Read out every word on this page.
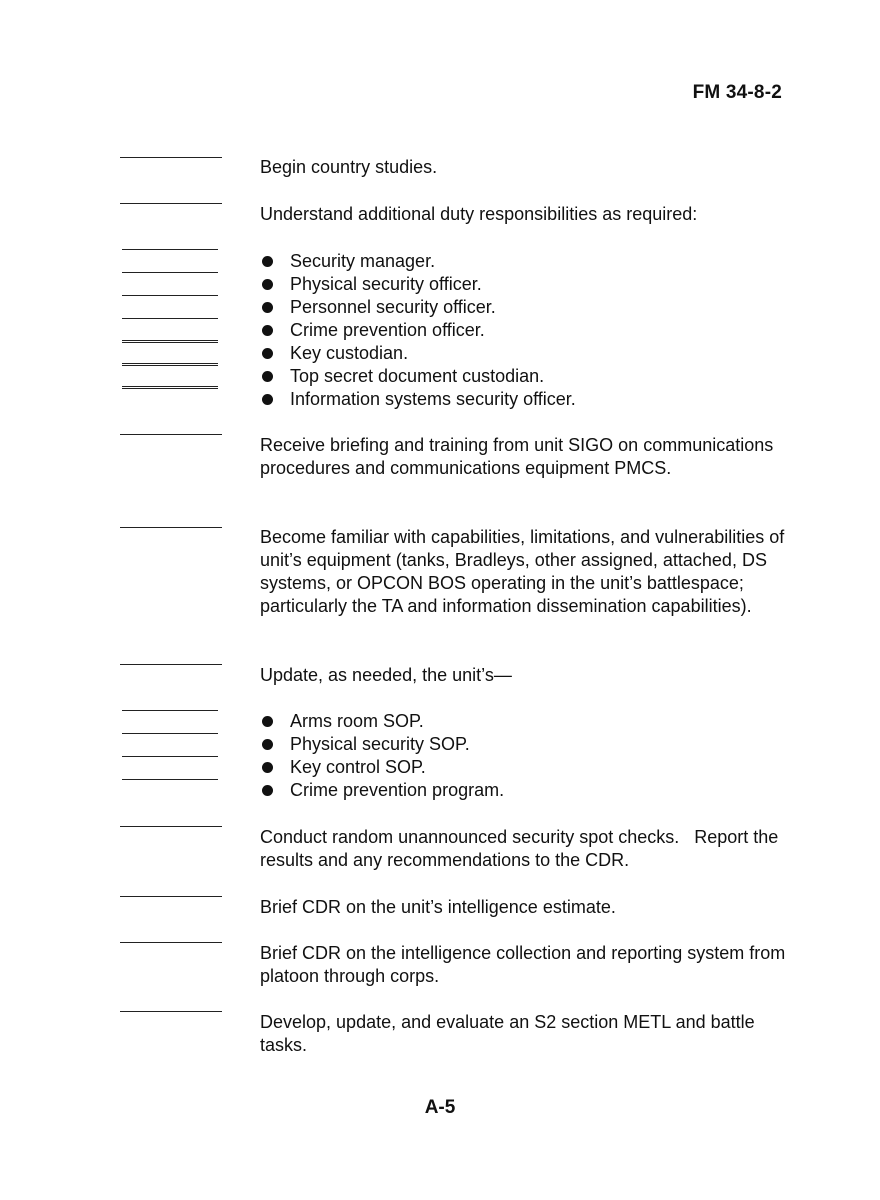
FM 34-8-2
Begin country studies.
Understand additional duty responsibilities as required:
Security manager.
Physical security officer.
Personnel security officer.
Crime prevention officer.
Key custodian.
Top secret document custodian.
Information systems security officer.
Receive briefing and training from unit SIGO on communications procedures and communications equipment PMCS.
Become familiar with capabilities, limitations, and vulnerabilities of unit’s equipment (tanks, Bradleys, other assigned, attached, DS systems, or OPCON BOS operating in the unit’s battlespace; particularly the TA and information dissemination capabilities).
Update, as needed, the unit’s—
Arms room SOP.
Physical security SOP.
Key control SOP.
Crime prevention program.
Conduct random unannounced security spot checks.   Report the results and any recommendations to the CDR.
Brief CDR on the unit’s intelligence estimate.
Brief CDR on the intelligence collection and reporting system from platoon through corps.
Develop, update, and evaluate an S2 section METL and battle tasks.
A-5
